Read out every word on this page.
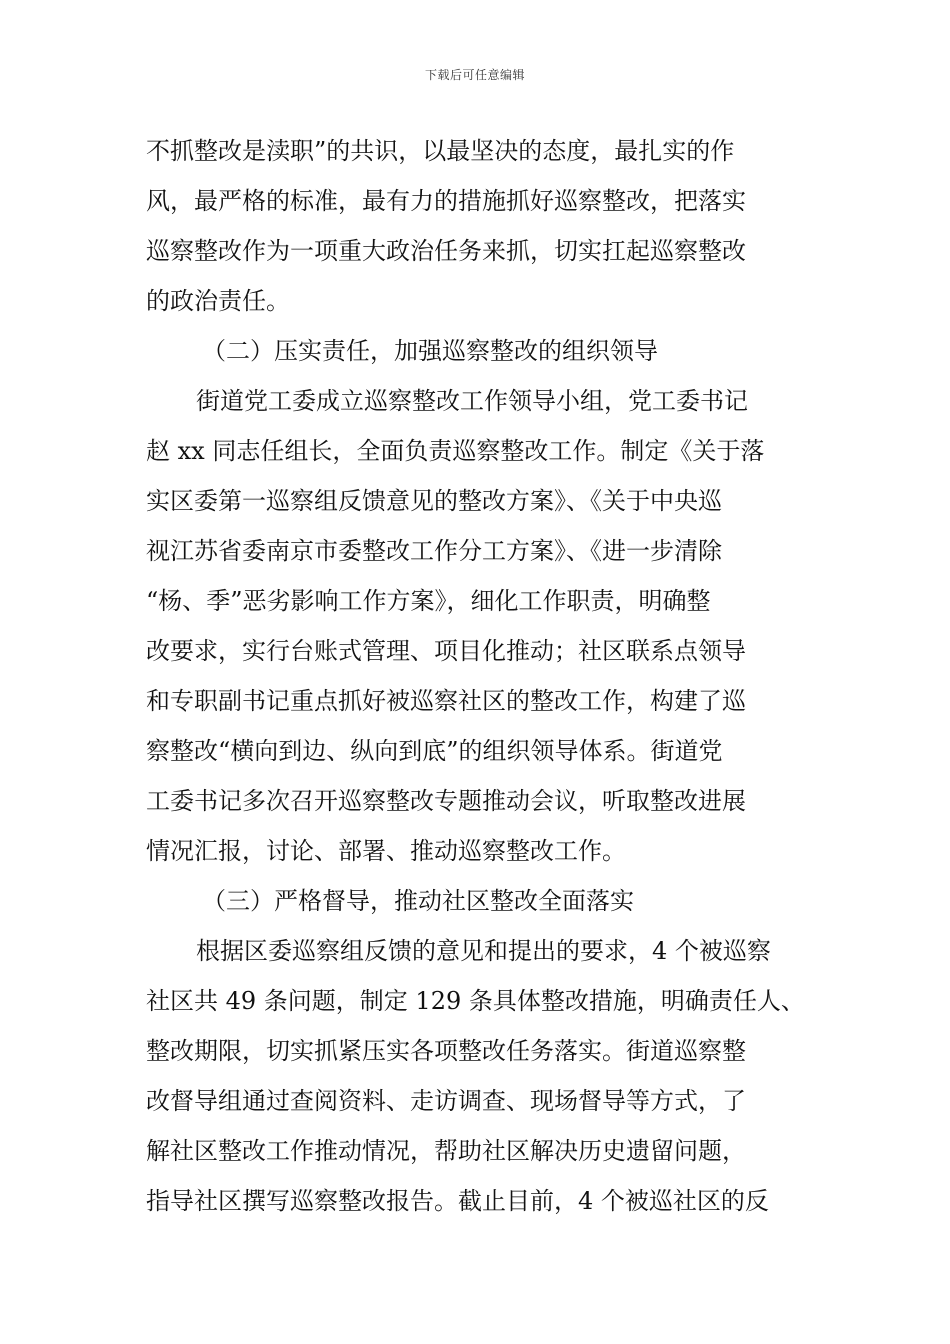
下载后可任意编辑
不抓整改是渎职”的共识，以最坚决的态度，最扎实的作
风，最严格的标准，最有力的措施抓好巡察整改，把落实
巡察整改作为一项重大政治任务来抓，切实扛起巡察整改
的政治责任。
（二）压实责任，加强巡察整改的组织领导
街道党工委成立巡察整改工作领导小组，党工委书记
赵 xx 同志任组长，全面负责巡察整改工作。制定《关于落
实区委第一巡察组反馈意见的整改方案》、《关于中央巡
视江苏省委南京市委整改工作分工方案》、《进一步清除
“杨、季”恶劣影响工作方案》，细化工作职责，明确整
改要求，实行台账式管理、项目化推动；社区联系点领导
和专职副书记重点抓好被巡察社区的整改工作，构建了巡
察整改“横向到边、纵向到底”的组织领导体系。街道党
工委书记多次召开巡察整改专题推动会议，听取整改进展
情况汇报，讨论、部署、推动巡察整改工作。
（三）严格督导，推动社区整改全面落实
根据区委巡察组反馈的意见和提出的要求，4 个被巡察
社区共 49 条问题，制定 129 条具体整改措施，明确责任人、
整改期限，切实抓紧压实各项整改任务落实。街道巡察整
改督导组通过查阅资料、走访调查、现场督导等方式，了
解社区整改工作推动情况，帮助社区解决历史遗留问题，
指导社区撰写巡察整改报告。截止目前，4 个被巡社区的反
